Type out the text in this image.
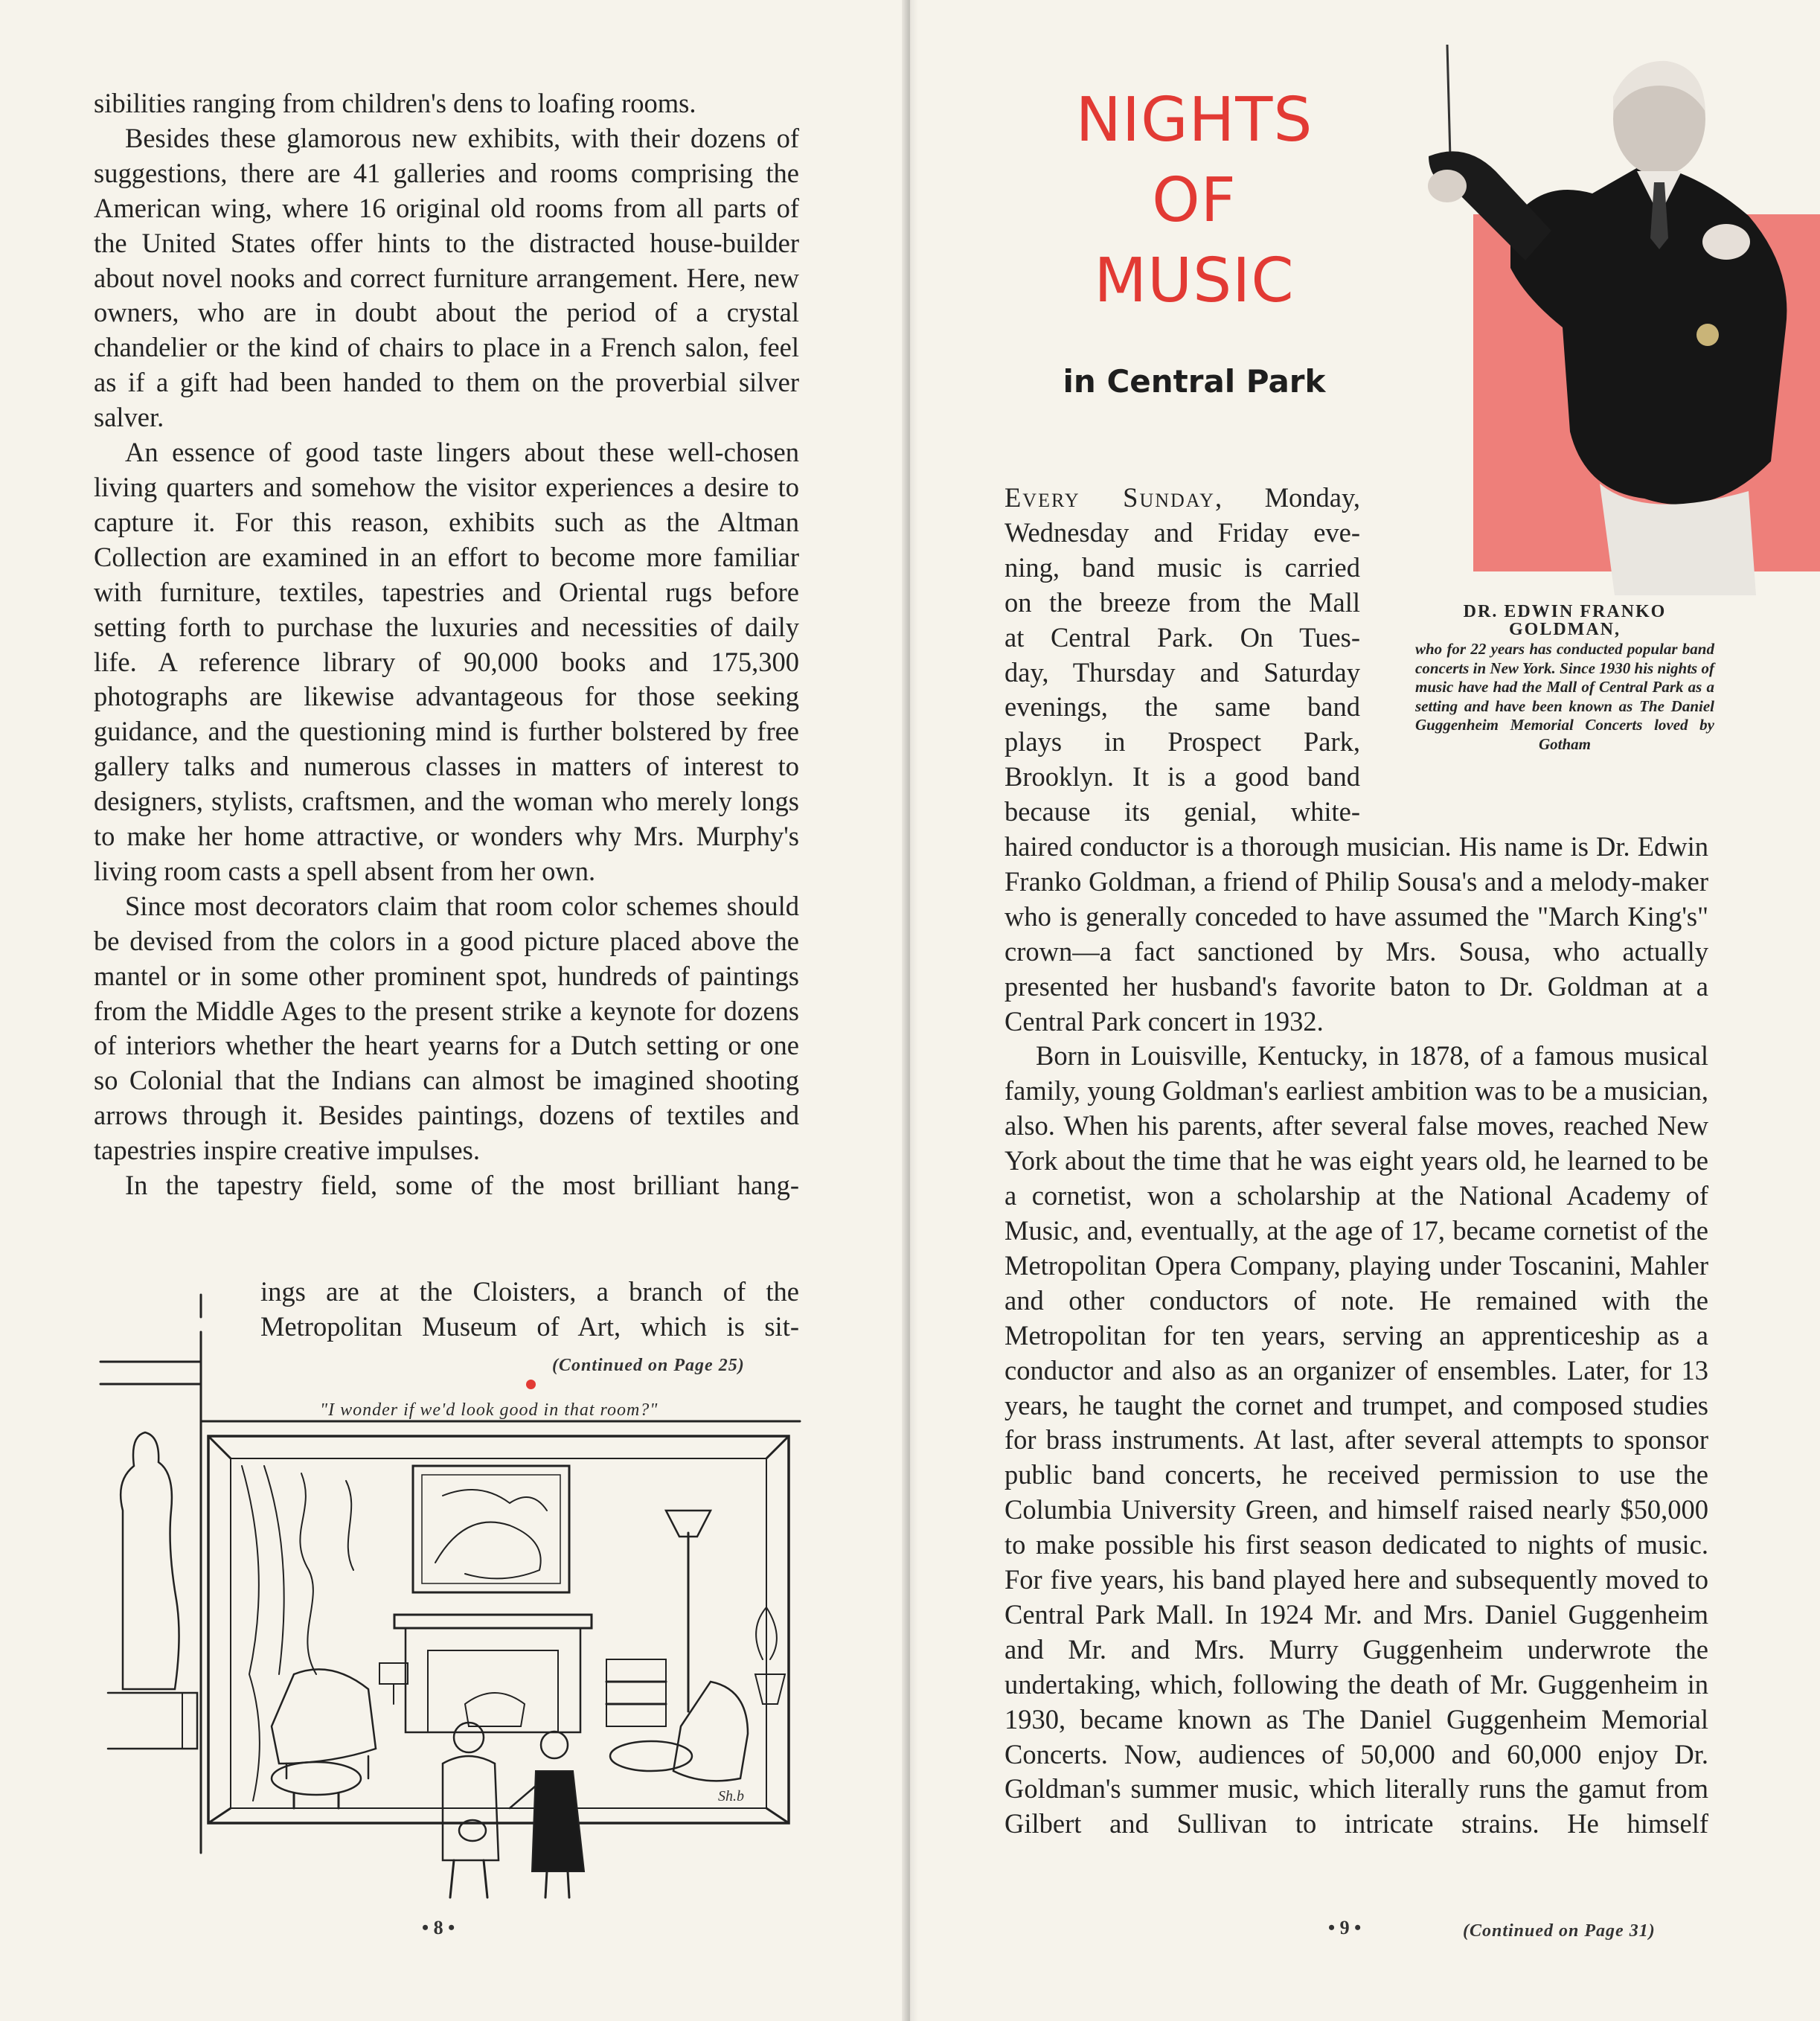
sibilities ranging from children's dens to loafing rooms.

Besides these glamorous new exhibits, with their dozens of suggestions, there are 41 galleries and rooms comprising the American wing, where 16 original old rooms from all parts of the United States offer hints to the distracted house-builder about novel nooks and correct furniture arrangement. Here, new owners, who are in doubt about the period of a crystal chandelier or the kind of chairs to place in a French salon, feel as if a gift had been handed to them on the proverbial silver salver.

An essence of good taste lingers about these well-chosen living quarters and somehow the visitor experiences a desire to capture it. For this reason, exhibits such as the Altman Collection are examined in an effort to become more familiar with furniture, textiles, tapestries and Oriental rugs before setting forth to purchase the luxuries and necessities of daily life. A reference library of 90,000 books and 175,300 photographs are likewise advantageous for those seeking guidance, and the questioning mind is further bolstered by free gallery talks and numerous classes in matters of interest to designers, stylists, craftsmen, and the woman who merely longs to make her home attractive, or wonders why Mrs. Murphy's living room casts a spell absent from her own.

Since most decorators claim that room color schemes should be devised from the colors in a good picture placed above the mantel or in some other prominent spot, hundreds of paintings from the Middle Ages to the present strike a keynote for dozens of interiors whether the heart yearns for a Dutch setting or one so Colonial that the Indians can almost be imagined shooting arrows through it. Besides paintings, dozens of textiles and tapestries inspire creative impulses.

In the tapestry field, some of the most brilliant hang-

ings are at the Cloisters, a branch of the
Metropolitan Museum of Art, which is sit-
Sh.b
(Continued on Page 25)
"I wonder if we'd look good in that room?"
• 8 •
NIGHTS
OF
MUSIC
in Central Park
DR. EDWIN FRANKO GOLDMAN,
who for 22 years has conducted popular band concerts in New York. Since 1930 his nights of music have had the Mall of Central Park as a setting and have been known as The Daniel Guggenheim Memorial Concerts loved by Gotham
Every Sunday, Monday,
Wednesday and Friday eve-
ning, band music is carried
on the breeze from the Mall
at Central Park. On Tues-
day, Thursday and Saturday
evenings, the same band
plays in Prospect Park,
Brooklyn. It is a good band
because its genial, white-

haired conductor is a thorough musician. His name is Dr. Edwin Franko Goldman, a friend of Philip Sousa's and a melody-maker who is generally conceded to have assumed the "March King's" crown—a fact sanctioned by Mrs. Sousa, who actually presented her husband's favorite baton to Dr. Goldman at a Central Park concert in 1932.

Born in Louisville, Kentucky, in 1878, of a famous musical family, young Goldman's earliest ambition was to be a musician, also. When his parents, after several false moves, reached New York about the time that he was eight years old, he learned to be a cornetist, won a scholarship at the National Academy of Music, and, eventually, at the age of 17, became cornetist of the Metropolitan Opera Company, playing under Toscanini, Mahler and other conductors of note. He remained with the Metropolitan for ten years, serving an apprenticeship as a conductor and also as an organizer of ensembles. Later, for 13 years, he taught the cornet and trumpet, and composed studies for brass instruments. At last, after several attempts to sponsor public band concerts, he received permission to use the Columbia University Green, and himself raised nearly $50,000 to make possible his first season dedicated to nights of music. For five years, his band played here and subsequently moved to Central Park Mall. In 1924 Mr. and Mrs. Daniel Guggenheim and Mr. and Mrs. Murry Guggenheim underwrote the undertaking, which, following the death of Mr. Guggenheim in 1930, became known as The Daniel Guggenheim Memorial Concerts. Now, audiences of 50,000 and 60,000 enjoy Dr. Goldman's summer music, which literally runs the gamut from Gilbert and Sullivan to intricate strains. He himself

(Continued on Page 31)
• 9 •
